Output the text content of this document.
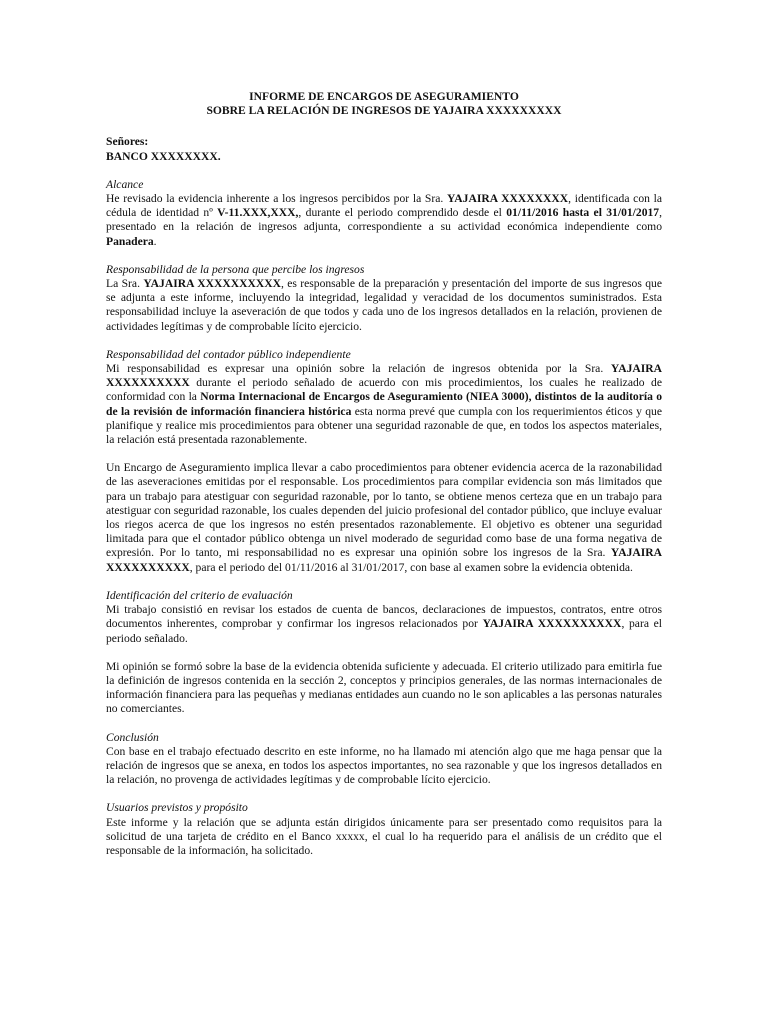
INFORME DE ENCARGOS DE ASEGURAMIENTO

SOBRE LA RELACIÓN DE INGRESOS DE YAJAIRA XXXXXXXXX

Señores:

BANCO XXXXXXXX.

Alcance

He revisado la evidencia inherente a los ingresos percibidos por la Sra. YAJAIRA XXXXXXXX, identificada con la cédula de identidad nº V-11.XXX,XXX,, durante el periodo comprendido desde el 01/11/2016 hasta el 31/01/2017, presentado en la relación de ingresos adjunta, correspondiente a su actividad económica independiente como Panadera.

Responsabilidad de la persona que percibe los ingresos

La Sra. YAJAIRA XXXXXXXXXX, es responsable de la preparación y presentación del importe de sus ingresos que se adjunta a este informe, incluyendo la integridad, legalidad y veracidad de los documentos suministrados. Esta responsabilidad incluye la aseveración de que todos y cada uno de los ingresos detallados en la relación, provienen de actividades legítimas y de comprobable lícito ejercicio.

Responsabilidad del contador público independiente

Mi responsabilidad es expresar una opinión sobre la relación de ingresos obtenida por la Sra. YAJAIRA XXXXXXXXXX durante el periodo señalado de acuerdo con mis procedimientos, los cuales he realizado de conformidad con la Norma Internacional de Encargos de Aseguramiento (NIEA 3000), distintos de la auditoría o de la revisión de información financiera histórica esta norma prevé que cumpla con los requerimientos éticos y que planifique y realice mis procedimientos para obtener una seguridad razonable de que, en todos los aspectos materiales, la relación está presentada razonablemente.

Un Encargo de Aseguramiento implica llevar a cabo procedimientos para obtener evidencia acerca de la razonabilidad de las aseveraciones emitidas por el responsable. Los procedimientos para compilar evidencia son más limitados que para un trabajo para atestiguar con seguridad razonable, por lo tanto, se obtiene menos certeza que en un trabajo para atestiguar con seguridad razonable, los cuales dependen del juicio profesional del contador público, que incluye evaluar los riegos acerca de que los ingresos no estén presentados razonablemente. El objetivo es obtener una seguridad limitada para que el contador público obtenga un nivel moderado de seguridad como base de una forma negativa de expresión. Por lo tanto, mi responsabilidad no es expresar una opinión sobre los ingresos de la Sra. YAJAIRA XXXXXXXXXX, para el periodo del 01/11/2016 al 31/01/2017, con base al examen sobre la evidencia obtenida.

Identificación del criterio de evaluación

Mi trabajo consistió en revisar los estados de cuenta de bancos, declaraciones de impuestos, contratos, entre otros documentos inherentes, comprobar y confirmar los ingresos relacionados por YAJAIRA XXXXXXXXXX, para el periodo señalado.

Mi opinión se formó sobre la base de la evidencia obtenida suficiente y adecuada. El criterio utilizado para emitirla fue la definición de ingresos contenida en la sección 2, conceptos y principios generales, de las normas internacionales de información financiera para las pequeñas y medianas entidades aun cuando no le son aplicables a las personas naturales no comerciantes.

Conclusión

Con base en el trabajo efectuado descrito en este informe, no ha llamado mi atención algo que me haga pensar que la relación de ingresos que se anexa, en todos los aspectos importantes, no sea razonable y que los ingresos detallados en la relación, no provenga de actividades legítimas y de comprobable lícito ejercicio.

Usuarios previstos y propósito

Este informe y la relación que se adjunta están dirigidos únicamente para ser presentado como requisitos para la solicitud de una tarjeta de crédito en el Banco xxxxx, el cual lo ha requerido para el análisis de un crédito que el responsable de la información, ha solicitado.
